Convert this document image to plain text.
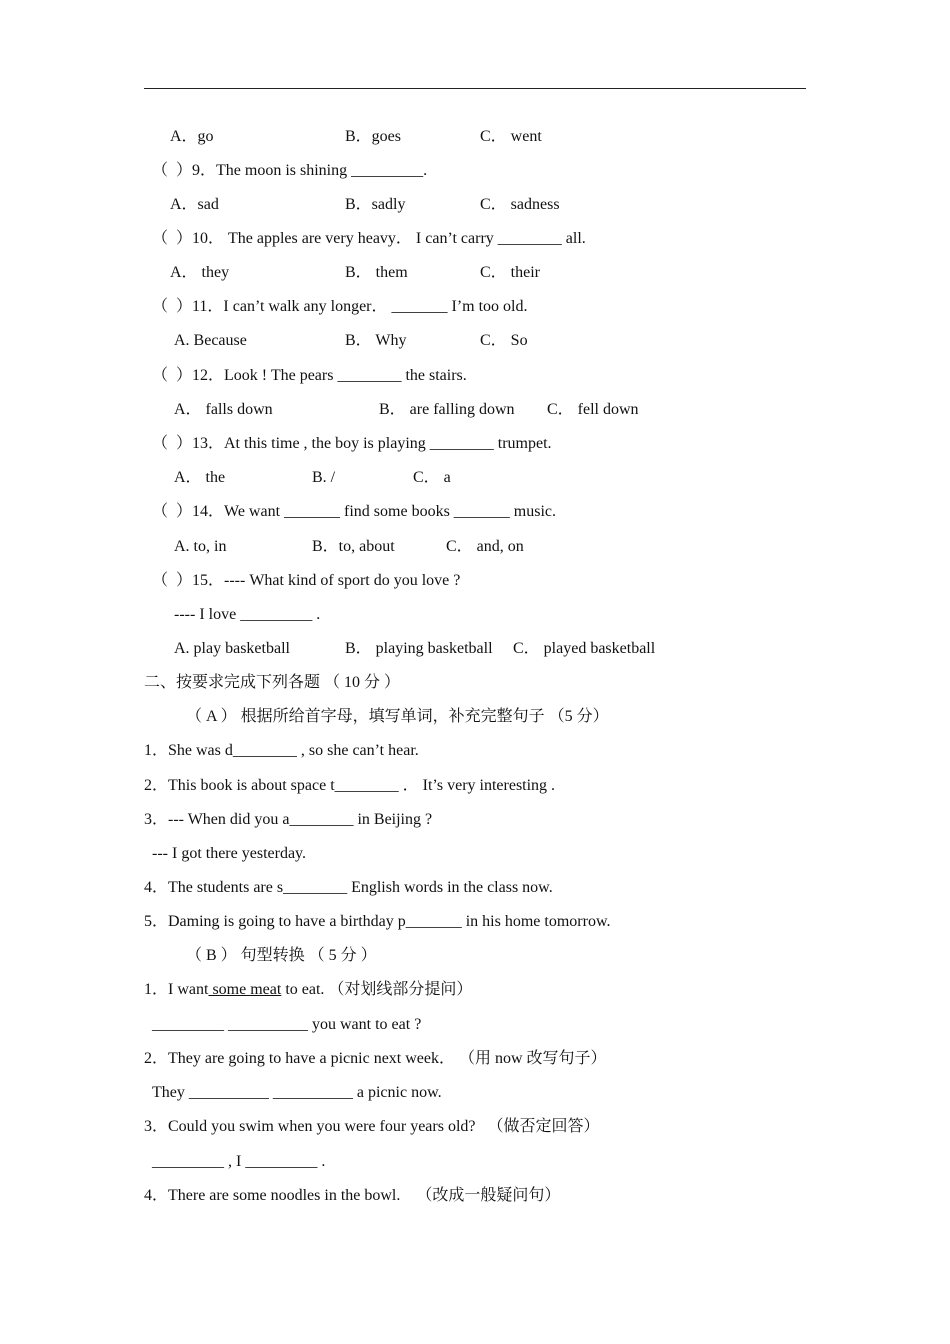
A．go	B．goes	C． went
（  ）9．The moon is shining _________.
A．sad	B．sadly	C． sadness
（  ）10． The apples are very heavy． I can’t carry ________ all.
A． they	B． them	C． their
（  ）11．I can’t walk any longer． _______ I’m too old.
A. Because	B． Why	C． So
（  ）12．Look ! The pears ________ the stairs.
A． falls down	B． are falling down C． fell down
（  ）13．At this time , the boy is playing ________ trumpet.
A． the	B. /	C． a
（  ）14．We want _______ find some books _______ music.
A. to, in	B．to, about	C． and, on
（  ）15．---- What kind of sport do you love ?
---- I love _________ .
A. play basketball	B． playing basketball C． played basketball
二、按要求完成下列各题 （ 10 分 ）
（ A ） 根据所给首字母，填写单词，补充完整句子 （5 分）
1．She was d________ , so she can’t hear.
2．This book is about space t________ ． It’s very interesting .
3．--- When did you a________ in Beijing ?
--- I got there yesterday.
4．The students are s________ English words in the class now.
5．Daming is going to have a birthday p_______ in his home tomorrow.
（ B ） 句型转换 （ 5 分 ）
_________ __________ you want to eat ?
2．They are going to have a picnic next week． （用 now 改写句子）
They __________ __________ a picnic now.
3．Could you swim when you were four years old?   （做否定回答）
_________ , I _________ .
4．There are some noodles in the bowl.    （改成一般疑问句）
1．I want some meat to eat. （对划线部分提问）
